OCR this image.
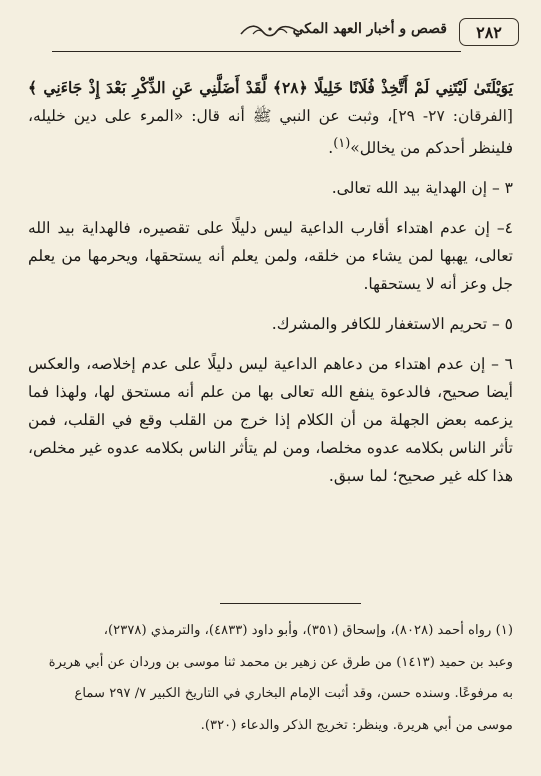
٢٨٢
قصص و أخبار العهد المكي

يَوَيْلَتَىٰ لَيْتَنِي لَمْ أَتَّخِذْ فُلَانًا خَلِيلًا ﴿٢٨﴾ لَّقَدْ أَضَلَّنِي عَنِ الذِّكْرِ بَعْدَ إِذْ جَاءَنِي ﴾ [الفرقان: ٢٧- ٢٩]، وثبت عن النبي ﷺ أنه قال: «المرء على دين خليله، فلينظر أحدكم من يخالل»$^{(١)}$.

٣ – إن الهداية بيد الله تعالى.

٤– إن عدم اهتداء أقارب الداعية ليس دليلًا على تقصيره، فالهداية بيد الله تعالى، يهبها لمن يشاء من خلقه، ولمن يعلم أنه يستحقها، ويحرمها من يعلم جل وعز أنه لا يستحقها.

٥ – تحريم الاستغفار للكافر والمشرك.

٦ – إن عدم اهتداء من دعاهم الداعية ليس دليلًا على عدم إخلاصه، والعكس أيضا صحيح، فالدعوة ينفع الله تعالى بها من علم أنه مستحق لها، ولهذا فما يزعمه بعض الجهلة من أن الكلام إذا خرج من القلب وقع في القلب، فمن تأثر الناس بكلامه عدوه مخلصا، ومن لم يتأثر الناس بكلامه عدوه غير مخلص، هذا كله غير صحيح؛ لما سبق.

(١) رواه أحمد (٨٠٢٨)، وإسحاق (٣٥١)، وأبو داود (٤٨٣٣)، والترمذي (٢٣٧٨)،

وعبد بن حميد (١٤١٣) من طرق عن زهير بن محمد ثنا موسى بن وردان عن أبي هريرة

به مرفوعًا. وسنده حسن، وقد أثبت الإمام البخاري في التاريخ الكبير ٧/ ٢٩٧ سماع

موسى من أبي هريرة. وينظر: تخريج الذكر والدعاء (٣٢٠).
